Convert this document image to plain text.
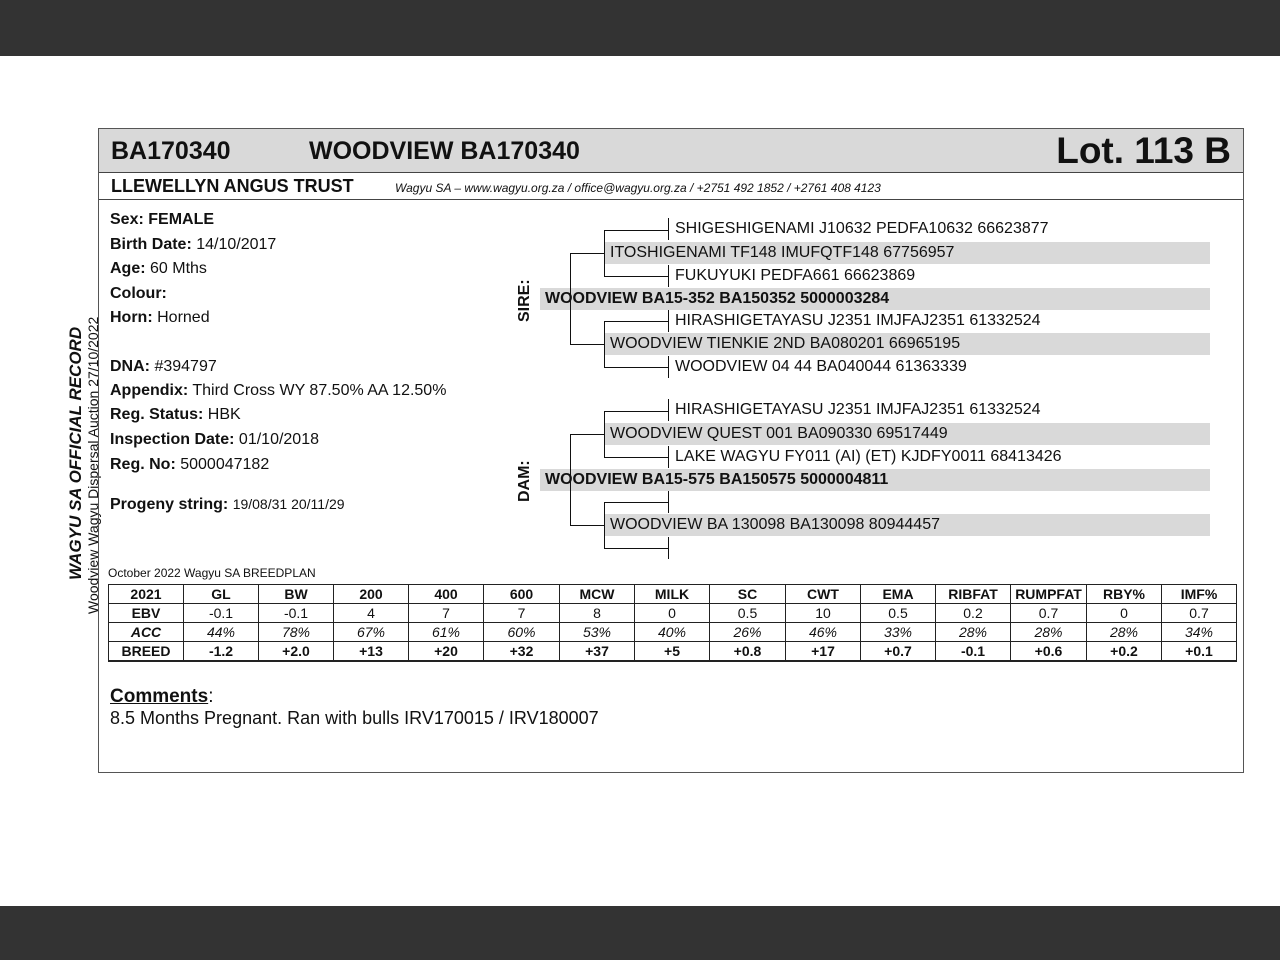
WAGYU SA OFFICIAL RECORD Woodview Wagyu Dispersal Auction 27/10/2022
BA170340	WOODVIEW BA170340	Lot. 113 B
LLEWELLYN ANGUS TRUST	Wagyu SA – www.wagyu.org.za / office@wagyu.org.za / +2751 492 1852 / +2761 408 4123
Sex: FEMALE
Birth Date: 14/10/2017
Age: 60 Mths
Colour:
Horn: Horned
DNA: #394797
Appendix: Third Cross WY 87.50% AA 12.50%
Reg. Status: HBK
Inspection Date: 01/10/2018
Reg. No: 5000047182
Progeny string: 19/08/31 20/11/29
SIRE:
DAM:
SHIGESHIGENAMI J10632 PEDFA10632 66623877
ITOSHIGENAMI TF148 IMUFQTF148 67756957
FUKUYUKI PEDFA661 66623869
WOODVIEW BA15-352 BA150352 5000003284
HIRASHIGETAYASU J2351 IMJFAJ2351 61332524
WOODVIEW TIENKIE 2ND BA080201 66965195
WOODVIEW 04 44 BA040044 61363339
HIRASHIGETAYASU J2351 IMJFAJ2351 61332524
WOODVIEW QUEST 001 BA090330 69517449
LAKE WAGYU FY011 (AI) (ET) KJDFY0011 68413426
WOODVIEW BA15-575 BA150575 5000004811
WOODVIEW BA 130098 BA130098 80944457
October 2022 Wagyu SA BREEDPLAN
2021	GL	BW	200	400	600	MCW	MILK	SC	CWT	EMA	RIBFAT	RUMPFAT	RBY%	IMF%
EBV	-0.1	-0.1	4	7	7	8	0	0.5	10	0.5	0.2	0.7	0	0.7
ACC	44%	78%	67%	61%	60%	53%	40%	26%	46%	33%	28%	28%	28%	34%
BREED	-1.2	+2.0	+13	+20	+32	+37	+5	+0.8	+17	+0.7	-0.1	+0.6	+0.2	+0.1
Comments:
8.5 Months Pregnant. Ran with bulls IRV170015 / IRV180007
